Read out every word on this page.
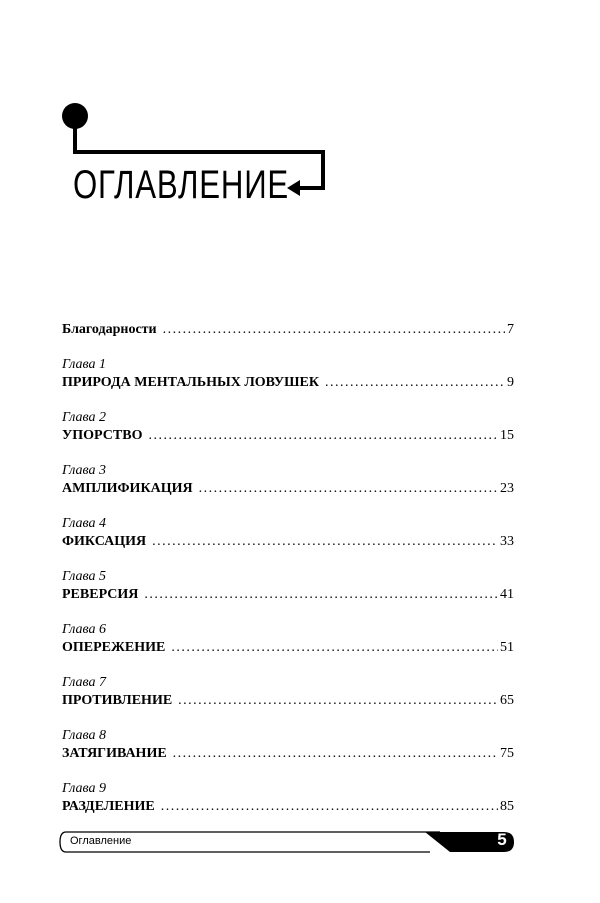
ОГЛАВЛЕНИЕ
Благодарности . . .	7
Глава 1
ПРИРОДА МЕНТАЛЬНЫХ ЛОВУШЕК . . .	9
Глава 2
УПОРСТВО . . .	15
Глава 3
АМПЛИФИКАЦИЯ . . .	23
Глава 4
ФИКСАЦИЯ . . .	33
Глава 5
РЕВЕРСИЯ . . .	41
Глава 6
ОПЕРЕЖЕНИЕ . . .	51
Глава 7
ПРОТИВЛЕНИЕ . . .	65
Глава 8
ЗАТЯГИВАНИЕ . . .	75
Глава 9
РАЗДЕЛЕНИЕ . . .	85
Оглавление	5
